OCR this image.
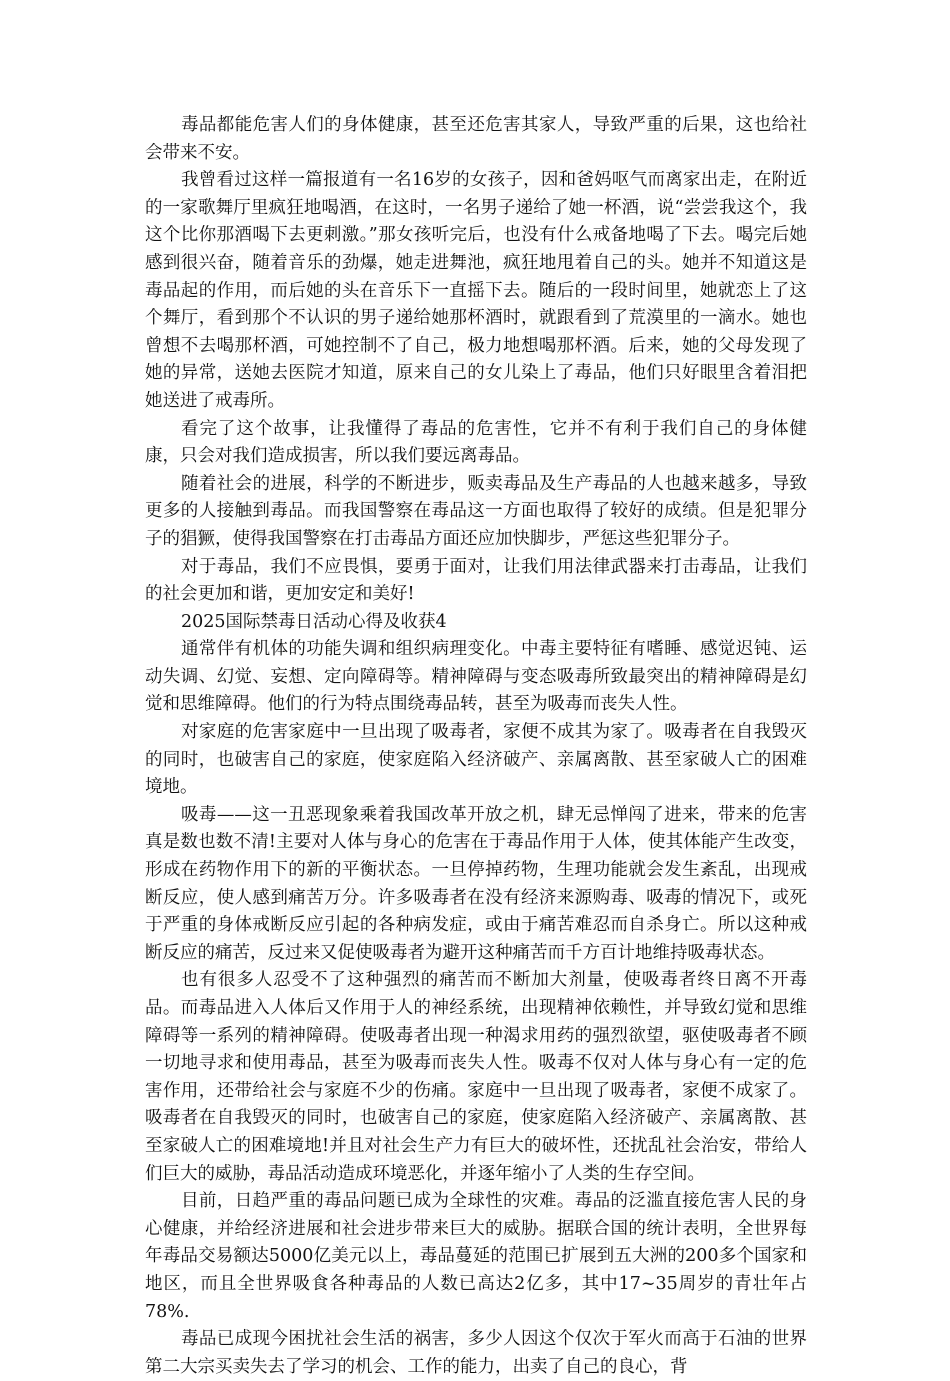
毒品都能危害人们的身体健康，甚至还危害其家人，导致严重的后果，这也给社会带来不安。

我曾看过这样一篇报道有一名16岁的女孩子，因和爸妈呕气而离家出走，在附近的一家歌舞厅里疯狂地喝酒，在这时，一名男子递给了她一杯酒，说“尝尝我这个，我这个比你那酒喝下去更刺激。”那女孩听完后，也没有什么戒备地喝了下去。喝完后她感到很兴奋，随着音乐的劲爆，她走进舞池，疯狂地甩着自己的头。她并不知道这是毒品起的作用，而后她的头在音乐下一直摇下去。随后的一段时间里，她就恋上了这个舞厅，看到那个不认识的男子递给她那杯酒时，就跟看到了荒漠里的一滴水。她也曾想不去喝那杯酒，可她控制不了自己，极力地想喝那杯酒。后来，她的父母发现了她的异常，送她去医院才知道，原来自己的女儿染上了毒品，他们只好眼里含着泪把她送进了戒毒所。

看完了这个故事，让我懂得了毒品的危害性，它并不有利于我们自己的身体健康，只会对我们造成损害，所以我们要远离毒品。

随着社会的进展，科学的不断进步，贩卖毒品及生产毒品的人也越来越多，导致更多的人接触到毒品。而我国警察在毒品这一方面也取得了较好的成绩。但是犯罪分子的猖獗，使得我国警察在打击毒品方面还应加快脚步，严惩这些犯罪分子。

对于毒品，我们不应畏惧，要勇于面对，让我们用法律武器来打击毒品，让我们的社会更加和谐，更加安定和美好!

2025国际禁毒日活动心得及收获4

通常伴有机体的功能失调和组织病理变化。中毒主要特征有嗜睡、感觉迟钝、运动失调、幻觉、妄想、定向障碍等。精神障碍与变态吸毒所致最突出的精神障碍是幻觉和思维障碍。他们的行为特点围绕毒品转，甚至为吸毒而丧失人性。

对家庭的危害家庭中一旦出现了吸毒者，家便不成其为家了。吸毒者在自我毁灭的同时，也破害自己的家庭，使家庭陷入经济破产、亲属离散、甚至家破人亡的困难境地。

吸毒——这一丑恶现象乘着我国改革开放之机，肆无忌惮闯了进来，带来的危害真是数也数不清!主要对人体与身心的危害在于毒品作用于人体，使其体能产生改变，形成在药物作用下的新的平衡状态。一旦停掉药物，生理功能就会发生紊乱，出现戒断反应，使人感到痛苦万分。许多吸毒者在没有经济来源购毒、吸毒的情况下，或死于严重的身体戒断反应引起的各种病发症，或由于痛苦难忍而自杀身亡。所以这种戒断反应的痛苦，反过来又促使吸毒者为避开这种痛苦而千方百计地维持吸毒状态。

也有很多人忍受不了这种强烈的痛苦而不断加大剂量，使吸毒者终日离不开毒品。而毒品进入人体后又作用于人的神经系统，出现精神依赖性，并导致幻觉和思维障碍等一系列的精神障碍。使吸毒者出现一种渴求用药的强烈欲望，驱使吸毒者不顾一切地寻求和使用毒品，甚至为吸毒而丧失人性。吸毒不仅对人体与身心有一定的危害作用，还带给社会与家庭不少的伤痛。家庭中一旦出现了吸毒者，家便不成家了。吸毒者在自我毁灭的同时，也破害自己的家庭，使家庭陷入经济破产、亲属离散、甚至家破人亡的困难境地!并且对社会生产力有巨大的破坏性，还扰乱社会治安，带给人们巨大的威胁，毒品活动造成环境恶化，并逐年缩小了人类的生存空间。

目前，日趋严重的毒品问题已成为全球性的灾难。毒品的泛滥直接危害人民的身心健康，并给经济进展和社会进步带来巨大的威胁。据联合国的统计表明，全世界每年毒品交易额达5000亿美元以上，毒品蔓延的范围已扩展到五大洲的200多个国家和地区，而且全世界吸食各种毒品的人数已高达2亿多，其中17~35周岁的青壮年占78%.

毒品已成现今困扰社会生活的祸害，多少人因这个仅次于军火而高于石油的世界第二大宗买卖失去了学习的机会、工作的能力，出卖了自己的良心，背
